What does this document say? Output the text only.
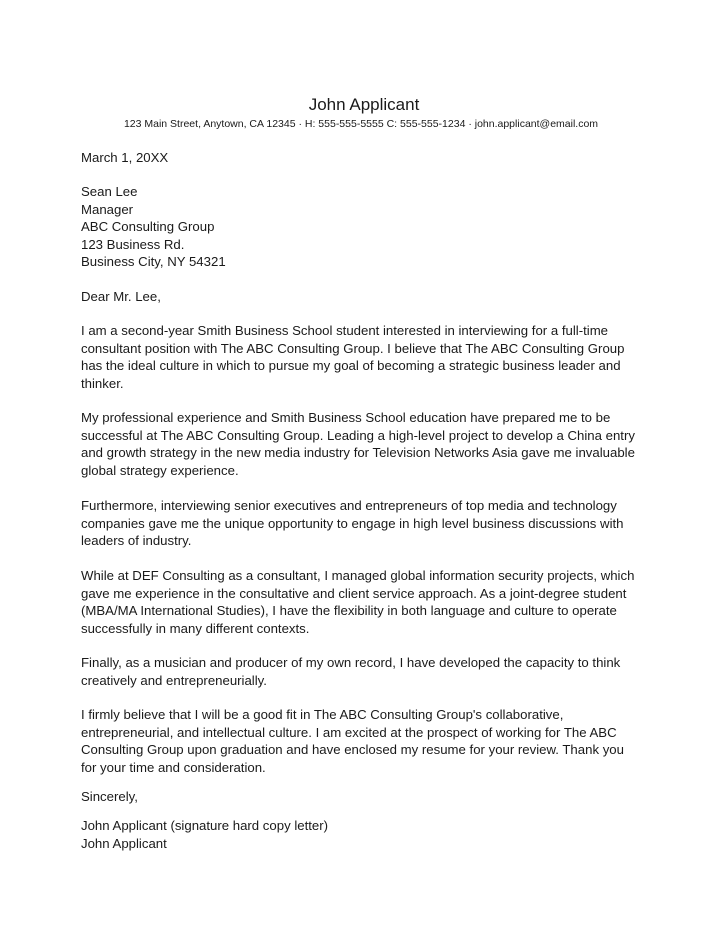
John Applicant
123 Main Street, Anytown, CA 12345 · H: 555-555-5555 C: 555-555-1234 · john.applicant@email.com
March 1, 20XX
Sean Lee
Manager
ABC Consulting Group
123 Business Rd.
Business City, NY 54321
Dear Mr. Lee,
I am a second-year Smith Business School student interested in interviewing for a full-time
consultant position with The ABC Consulting Group. I believe that The ABC Consulting Group
has the ideal culture in which to pursue my goal of becoming a strategic business leader and
thinker.
My professional experience and Smith Business School education have prepared me to be
successful at The ABC Consulting Group. Leading a high-level project to develop a China entry
and growth strategy in the new media industry for Television Networks Asia gave me invaluable
global strategy experience.
Furthermore, interviewing senior executives and entrepreneurs of top media and technology
companies gave me the unique opportunity to engage in high level business discussions with
leaders of industry.
While at DEF Consulting as a consultant, I managed global information security projects, which
gave me experience in the consultative and client service approach. As a joint-degree student
(MBA/MA International Studies), I have the flexibility in both language and culture to operate
successfully in many different contexts.
Finally, as a musician and producer of my own record, I have developed the capacity to think
creatively and entrepreneurially.
I firmly believe that I will be a good fit in The ABC Consulting Group's collaborative,
entrepreneurial, and intellectual culture. I am excited at the prospect of working for The ABC
Consulting Group upon graduation and have enclosed my resume for your review. Thank you
for your time and consideration.
Sincerely,
John Applicant (signature hard copy letter)
John Applicant
